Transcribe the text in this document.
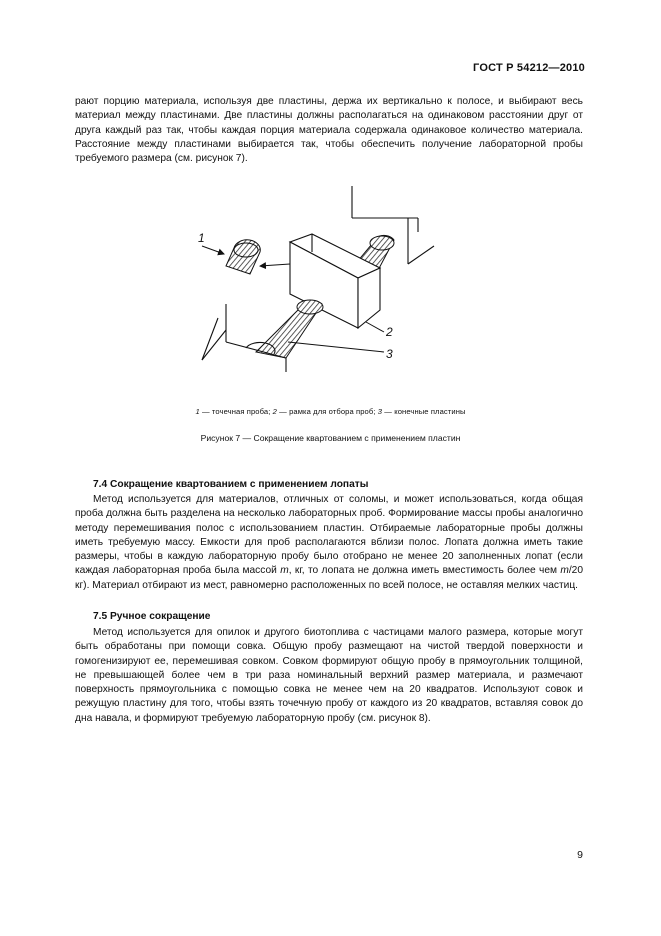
ГОСТ Р 54212—2010

рают порцию материала, используя две пластины, держа их вертикально к полосе, и выбирают весь материал между пластинами. Две пластины должны располагаться на одинаковом расстоянии друг от друга каждый раз так, чтобы каждая порция материала содержала одинаковое количество материала. Расстояние между пластинами выбирается так, чтобы обеспечить получение лабораторной пробы требуемого размера (см. рисунок 7).

1
2
3
1 — точечная проба; 2 — рамка для отбора проб; 3 — конечные пластины
Рисунок 7 — Сокращение квартованием с применением пластин
7.4 Сокращение квартованием с применением лопаты

Метод используется для материалов, отличных от соломы, и может использоваться, когда общая проба должна быть разделена на несколько лабораторных проб. Формирование массы пробы аналогично методу перемешивания полос с использованием пластин. Отбираемые лабораторные пробы должны иметь требуемую массу. Емкости для проб располагаются вблизи полос. Лопата должна иметь такие размеры, чтобы в каждую лабораторную пробу было отобрано не менее 20 заполненных лопат (если каждая лабораторная проба была массой m, кг, то лопата не должна иметь вместимость более чем m/20 кг). Материал отбирают из мест, равномерно расположенных по всей полосе, не оставляя мелких частиц.

7.5 Ручное сокращение

Метод используется для опилок и другого биотоплива с частицами малого размера, которые могут быть обработаны при помощи совка. Общую пробу размещают на чистой твердой поверхности и гомогенизируют ее, перемешивая совком. Совком формируют общую пробу в прямоугольник толщиной, не превышающей более чем в три раза номинальный верхний размер материала, и размечают поверхность прямоугольника с помощью совка не менее чем на 20 квадратов. Используют совок и режущую пластину для того, чтобы взять точечную пробу от каждого из 20 квадратов, вставляя совок до дна навала, и формируют требуемую лабораторную пробу (см. рисунок 8).

9
